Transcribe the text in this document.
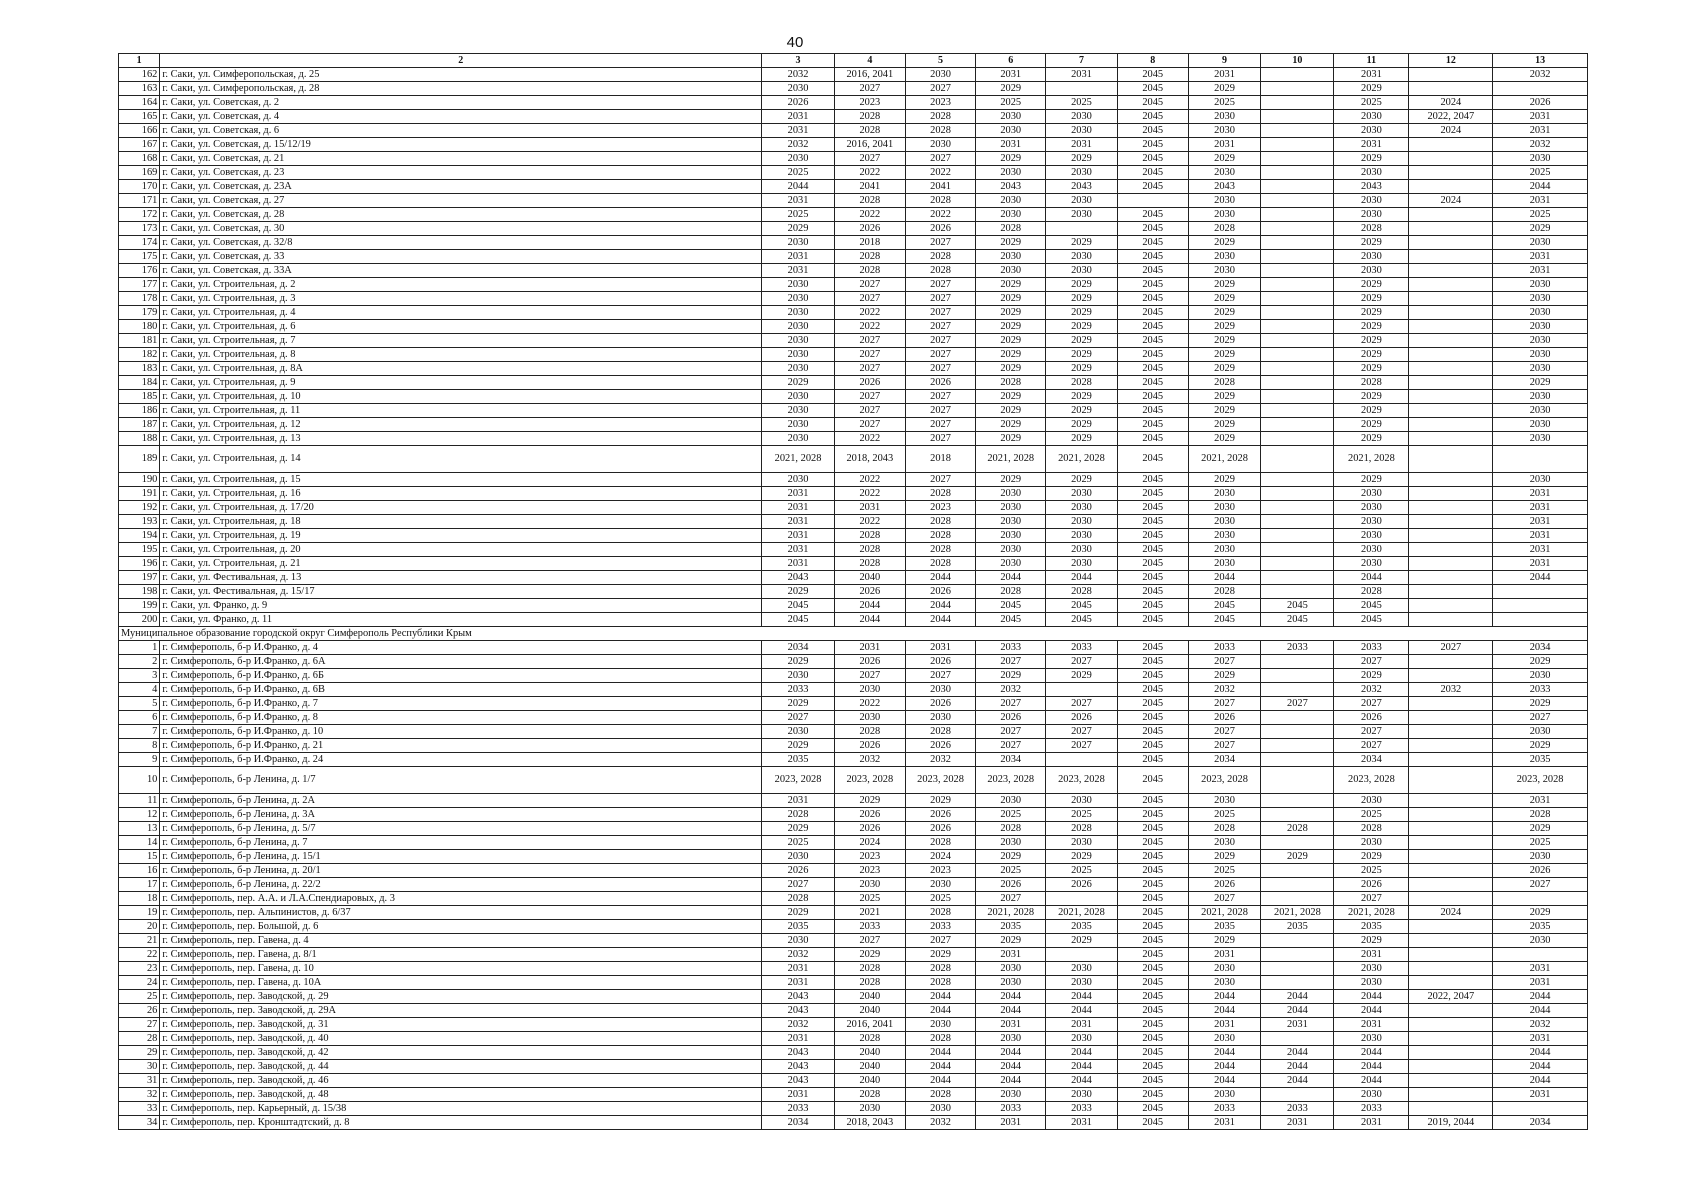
40
1	2	3	4	5	6	7	8	9	10	11	12	13
162	г. Саки, ул. Симферопольская, д. 25	2032	2016, 2041	2030	2031	2031	2045	2031		2031		2032
163	г. Саки, ул. Симферопольская, д. 28	2030	2027	2027	2029		2045	2029		2029		
164	г. Саки, ул. Советская, д. 2	2026	2023	2023	2025	2025	2045	2025		2025	2024	2026
165	г. Саки, ул. Советская, д. 4	2031	2028	2028	2030	2030	2045	2030		2030	2022, 2047	2031
166	г. Саки, ул. Советская, д. 6	2031	2028	2028	2030	2030	2045	2030		2030	2024	2031
167	г. Саки, ул. Советская, д. 15/12/19	2032	2016, 2041	2030	2031	2031	2045	2031		2031		2032
168	г. Саки, ул. Советская, д. 21	2030	2027	2027	2029	2029	2045	2029		2029		2030
169	г. Саки, ул. Советская, д. 23	2025	2022	2022	2030	2030	2045	2030		2030		2025
170	г. Саки, ул. Советская, д. 23А	2044	2041	2041	2043	2043	2045	2043		2043		2044
171	г. Саки, ул. Советская, д. 27	2031	2028	2028	2030	2030		2030		2030	2024	2031
172	г. Саки, ул. Советская, д. 28	2025	2022	2022	2030	2030	2045	2030		2030		2025
173	г. Саки, ул. Советская, д. 30	2029	2026	2026	2028		2045	2028		2028		2029
174	г. Саки, ул. Советская, д. 32/8	2030	2018	2027	2029	2029	2045	2029		2029		2030
175	г. Саки, ул. Советская, д. 33	2031	2028	2028	2030	2030	2045	2030		2030		2031
176	г. Саки, ул. Советская, д. 33А	2031	2028	2028	2030	2030	2045	2030		2030		2031
177	г. Саки, ул. Строительная, д. 2	2030	2027	2027	2029	2029	2045	2029		2029		2030
178	г. Саки, ул. Строительная, д. 3	2030	2027	2027	2029	2029	2045	2029		2029		2030
179	г. Саки, ул. Строительная, д. 4	2030	2022	2027	2029	2029	2045	2029		2029		2030
180	г. Саки, ул. Строительная, д. 6	2030	2022	2027	2029	2029	2045	2029		2029		2030
181	г. Саки, ул. Строительная, д. 7	2030	2027	2027	2029	2029	2045	2029		2029		2030
182	г. Саки, ул. Строительная, д. 8	2030	2027	2027	2029	2029	2045	2029		2029		2030
183	г. Саки, ул. Строительная, д. 8А	2030	2027	2027	2029	2029	2045	2029		2029		2030
184	г. Саки, ул. Строительная, д. 9	2029	2026	2026	2028	2028	2045	2028		2028		2029
185	г. Саки, ул. Строительная, д. 10	2030	2027	2027	2029	2029	2045	2029		2029		2030
186	г. Саки, ул. Строительная, д. 11	2030	2027	2027	2029	2029	2045	2029		2029		2030
187	г. Саки, ул. Строительная, д. 12	2030	2027	2027	2029	2029	2045	2029		2029		2030
188	г. Саки, ул. Строительная, д. 13	2030	2022	2027	2029	2029	2045	2029		2029		2030
189	г. Саки, ул. Строительная, д. 14	2021, 2028	2018, 2043	2018	2021, 2028	2021, 2028	2045	2021, 2028		2021, 2028		
190	г. Саки, ул. Строительная, д. 15	2030	2022	2027	2029	2029	2045	2029		2029		2030
191	г. Саки, ул. Строительная, д. 16	2031	2022	2028	2030	2030	2045	2030		2030		2031
192	г. Саки, ул. Строительная, д. 17/20	2031	2031	2023	2030	2030	2045	2030		2030		2031
193	г. Саки, ул. Строительная, д. 18	2031	2022	2028	2030	2030	2045	2030		2030		2031
194	г. Саки, ул. Строительная, д. 19	2031	2028	2028	2030	2030	2045	2030		2030		2031
195	г. Саки, ул. Строительная, д. 20	2031	2028	2028	2030	2030	2045	2030		2030		2031
196	г. Саки, ул. Строительная, д. 21	2031	2028	2028	2030	2030	2045	2030		2030		2031
197	г. Саки, ул. Фестивальная, д. 13	2043	2040	2044	2044	2044	2045	2044		2044		2044
198	г. Саки, ул. Фестивальная, д. 15/17	2029	2026	2026	2028	2028	2045	2028		2028		
199	г. Саки, ул. Франко, д. 9	2045	2044	2044	2045	2045	2045	2045	2045	2045		
200	г. Саки, ул. Франко, д. 11	2045	2044	2044	2045	2045	2045	2045	2045	2045		
Муниципальное образование городской округ Симферополь Республики Крым												
1	г. Симферополь, б-р И.Франко, д. 4	2034	2031	2031	2033	2033	2045	2033	2033	2033	2027	2034
2	г. Симферополь, б-р И.Франко, д. 6А	2029	2026	2026	2027	2027	2045	2027		2027		2029
3	г. Симферополь, б-р И.Франко, д. 6Б	2030	2027	2027	2029	2029	2045	2029		2029		2030
4	г. Симферополь, б-р И.Франко, д. 6В	2033	2030	2030	2032		2045	2032		2032	2032	2033
5	г. Симферополь, б-р И.Франко, д. 7	2029	2022	2026	2027	2027	2045	2027	2027	2027		2029
6	г. Симферополь, б-р И.Франко, д. 8	2027	2030	2030	2026	2026	2045	2026		2026		2027
7	г. Симферополь, б-р И.Франко, д. 10	2030	2028	2028	2027	2027	2045	2027		2027		2030
8	г. Симферополь, б-р И.Франко, д. 21	2029	2026	2026	2027	2027	2045	2027		2027		2029
9	г. Симферополь, б-р И.Франко, д. 24	2035	2032	2032	2034		2045	2034		2034		2035
10	г. Симферополь, б-р Ленина, д. 1/7	2023, 2028	2023, 2028	2023, 2028	2023, 2028	2023, 2028	2045	2023, 2028		2023, 2028		2023, 2028
11	г. Симферополь, б-р Ленина, д. 2А	2031	2029	2029	2030	2030	2045	2030		2030		2031
12	г. Симферополь, б-р Ленина, д. 3А	2028	2026	2026	2025	2025	2045	2025		2025		2028
13	г. Симферополь, б-р Ленина, д. 5/7	2029	2026	2026	2028	2028	2045	2028	2028	2028		2029
14	г. Симферополь, б-р Ленина, д. 7	2025	2024	2028	2030	2030	2045	2030		2030		2025
15	г. Симферополь, б-р Ленина, д. 15/1	2030	2023	2024	2029	2029	2045	2029	2029	2029		2030
16	г. Симферополь, б-р Ленина, д. 20/1	2026	2023	2023	2025	2025	2045	2025		2025		2026
17	г. Симферополь, б-р Ленина, д. 22/2	2027	2030	2030	2026	2026	2045	2026		2026		2027
18	г. Симферополь, пер. А.А. и Л.А.Спендиаровых, д. 3	2028	2025	2025	2027		2045	2027		2027		
19	г. Симферополь, пер. Альпинистов, д. 6/37	2029	2021	2028	2021, 2028	2021, 2028	2045	2021, 2028	2021, 2028	2021, 2028	2024	2029
20	г. Симферополь, пер. Большой, д. 6	2035	2033	2033	2035	2035	2045	2035	2035	2035		2035
21	г. Симферополь, пер. Гавена, д. 4	2030	2027	2027	2029	2029	2045	2029		2029		2030
22	г. Симферополь, пер. Гавена, д. 8/1	2032	2029	2029	2031		2045	2031		2031		
23	г. Симферополь, пер. Гавена, д. 10	2031	2028	2028	2030	2030	2045	2030		2030		2031
24	г. Симферополь, пер. Гавена, д. 10А	2031	2028	2028	2030	2030	2045	2030		2030		2031
25	г. Симферополь, пер. Заводской, д. 29	2043	2040	2044	2044	2044	2045	2044	2044	2044	2022, 2047	2044
26	г. Симферополь, пер. Заводской, д. 29А	2043	2040	2044	2044	2044	2045	2044	2044	2044		2044
27	г. Симферополь, пер. Заводской, д. 31	2032	2016, 2041	2030	2031	2031	2045	2031	2031	2031		2032
28	г. Симферополь, пер. Заводской, д. 40	2031	2028	2028	2030	2030	2045	2030		2030		2031
29	г. Симферополь, пер. Заводской, д. 42	2043	2040	2044	2044	2044	2045	2044	2044	2044		2044
30	г. Симферополь, пер. Заводской, д. 44	2043	2040	2044	2044	2044	2045	2044	2044	2044		2044
31	г. Симферополь, пер. Заводской, д. 46	2043	2040	2044	2044	2044	2045	2044	2044	2044		2044
32	г. Симферополь, пер. Заводской, д. 48	2031	2028	2028	2030	2030	2045	2030		2030		2031
33	г. Симферополь, пер. Карьерный, д. 15/38	2033	2030	2030	2033	2033	2045	2033	2033	2033		
34	г. Симферополь, пер. Кронштадтский, д. 8	2034	2018, 2043	2032	2031	2031	2045	2031	2031	2031	2019, 2044	2034
